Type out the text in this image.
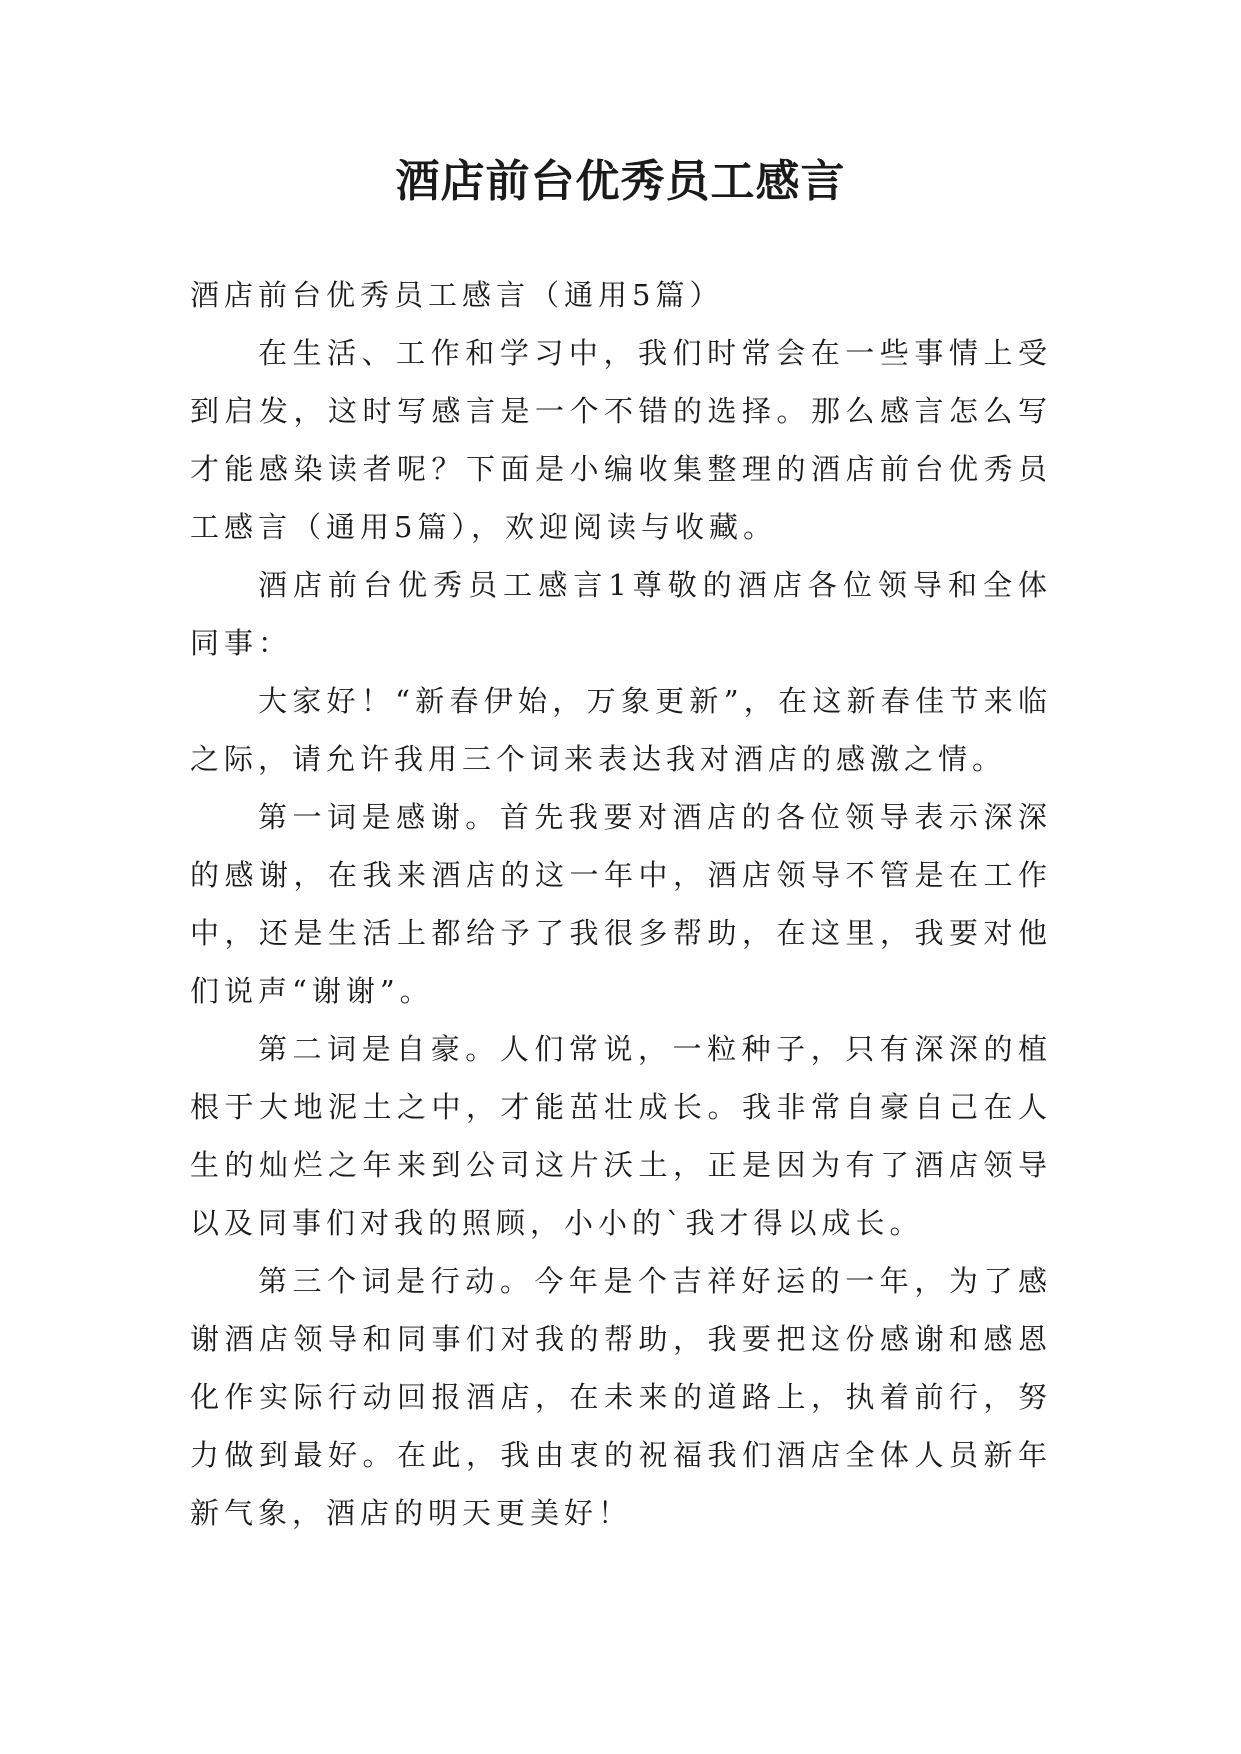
酒店前台优秀员工感言

酒店前台优秀员工感言（通用5篇）

在生活、工作和学习中，我们时常会在一些事情上受到启发，这时写感言是一个不错的选择。那么感言怎么写才能感染读者呢？下面是小编收集整理的酒店前台优秀员工感言（通用5篇），欢迎阅读与收藏。

酒店前台优秀员工感言1尊敬的酒店各位领导和全体同事：

大家好！“新春伊始，万象更新”，在这新春佳节来临之际，请允许我用三个词来表达我对酒店的感激之情。

第一词是感谢。首先我要对酒店的各位领导表示深深的感谢，在我来酒店的这一年中，酒店领导不管是在工作中，还是生活上都给予了我很多帮助，在这里，我要对他们说声“谢谢”。

第二词是自豪。人们常说，一粒种子，只有深深的植根于大地泥土之中，才能茁壮成长。我非常自豪自己在人生的灿烂之年来到公司这片沃土，正是因为有了酒店领导以及同事们对我的照顾，小小的`我才得以成长。

第三个词是行动。今年是个吉祥好运的一年，为了感谢酒店领导和同事们对我的帮助，我要把这份感谢和感恩化作实际行动回报酒店，在未来的道路上，执着前行，努力做到最好。在此，我由衷的祝福我们酒店全体人员新年新气象，酒店的明天更美好！
